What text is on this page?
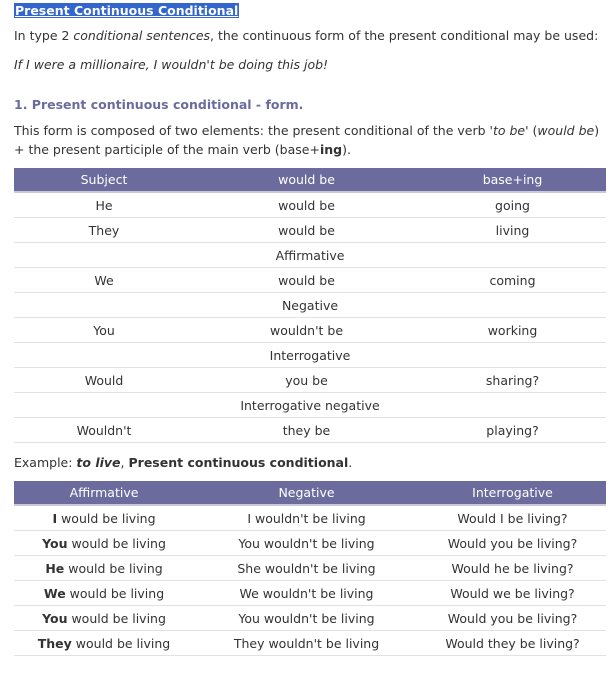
Present Continuous Conditional
In type 2 conditional sentences, the continuous form of the present conditional may be used:
If I were a millionaire, I wouldn't be doing this job!
1. Present continuous conditional - form.
This form is composed of two elements: the present conditional of the verb 'to be' (would be)
+ the present participle of the main verb (base+ing).
Subject	would be	base+ing
He	would be	going
They	would be	living
Affirmative		
We	would be	coming
Negative		
You	wouldn't be	working
Interrogative		
Would	you be	sharing?
Interrogative negative		
Wouldn't	they be	playing?
Example: to live, Present continuous conditional.
Affirmative	Negative	Interrogative
I would be living	I wouldn't be living	Would I be living?
You would be living	You wouldn't be living	Would you be living?
He would be living	She wouldn't be living	Would he be living?
We would be living	We wouldn't be living	Would we be living?
You would be living	You wouldn't be living	Would you be living?
They would be living	They wouldn't be living	Would they be living?
